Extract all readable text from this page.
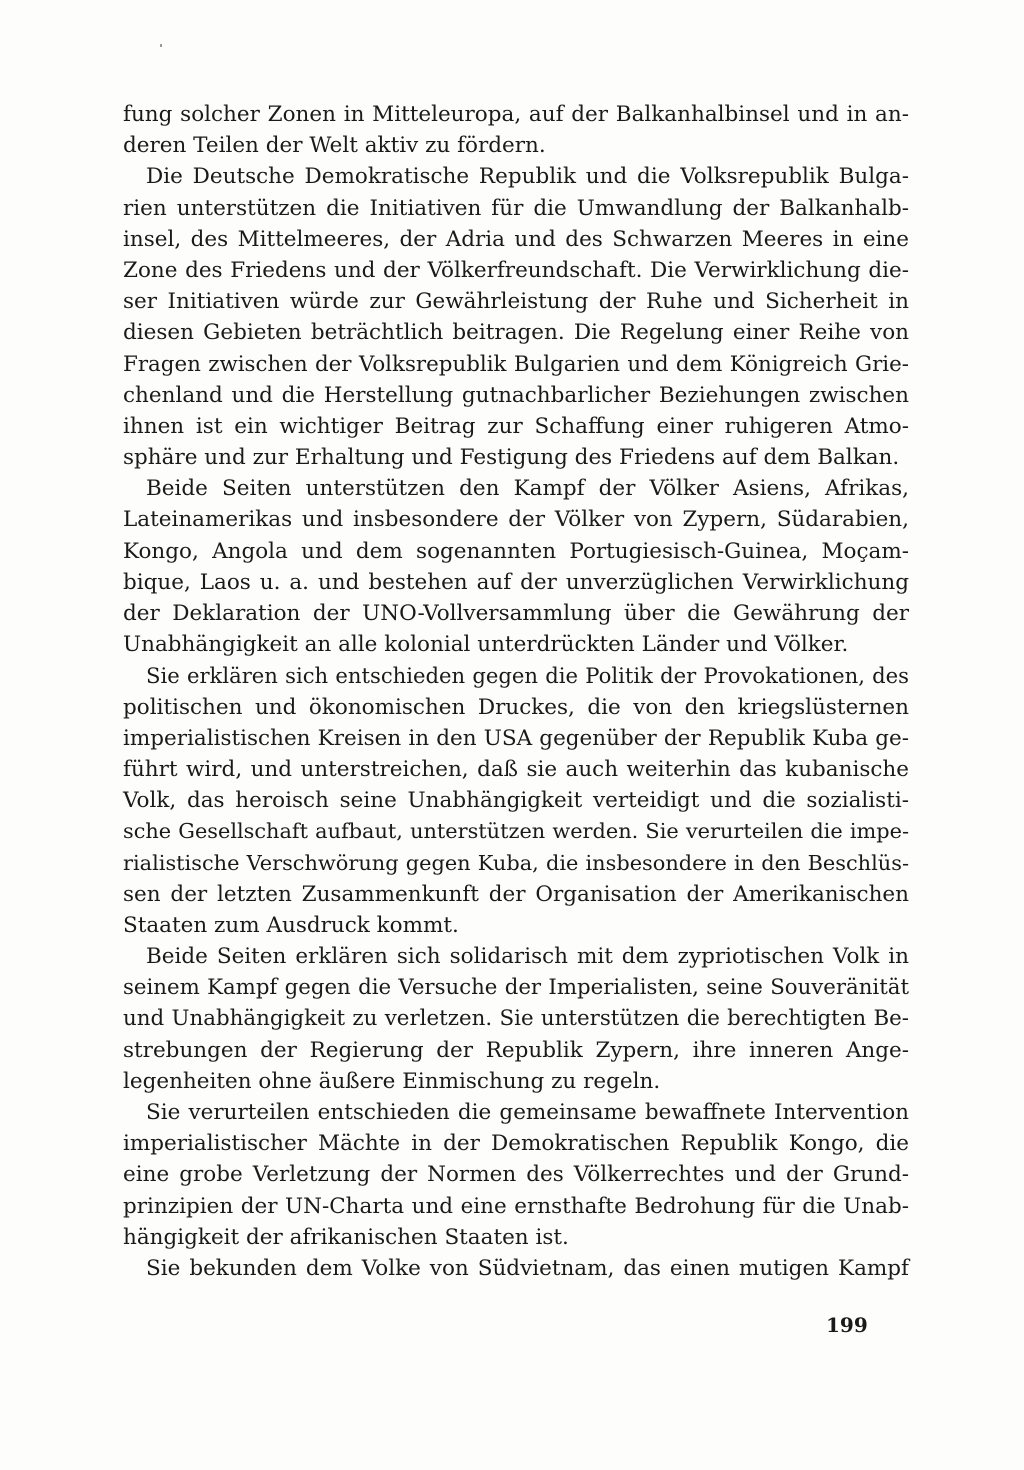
fung solcher Zonen in Mitteleuropa, auf der Balkanhalbinsel und in an-
deren Teilen der Welt aktiv zu fördern.
Die Deutsche Demokratische Republik und die Volksrepublik Bulga-
rien unterstützen die Initiativen für die Umwandlung der Balkanhalb-
insel, des Mittelmeeres, der Adria und des Schwarzen Meeres in eine
Zone des Friedens und der Völkerfreundschaft. Die Verwirklichung die-
ser Initiativen würde zur Gewährleistung der Ruhe und Sicherheit in
diesen Gebieten beträchtlich beitragen. Die Regelung einer Reihe von
Fragen zwischen der Volksrepublik Bulgarien und dem Königreich Grie-
chenland und die Herstellung gutnachbarlicher Beziehungen zwischen
ihnen ist ein wichtiger Beitrag zur Schaffung einer ruhigeren Atmo-
sphäre und zur Erhaltung und Festigung des Friedens auf dem Balkan.
Beide Seiten unterstützen den Kampf der Völker Asiens, Afrikas,
Lateinamerikas und insbesondere der Völker von Zypern, Südarabien,
Kongo, Angola und dem sogenannten Portugiesisch-Guinea, Moçam-
bique, Laos u. a. und bestehen auf der unverzüglichen Verwirklichung
der Deklaration der UNO-Vollversammlung über die Gewährung der
Unabhängigkeit an alle kolonial unterdrückten Länder und Völker.
Sie erklären sich entschieden gegen die Politik der Provokationen, des
politischen und ökonomischen Druckes, die von den kriegslüsternen
imperialistischen Kreisen in den USA gegenüber der Republik Kuba ge-
führt wird, und unterstreichen, daß sie auch weiterhin das kubanische
Volk, das heroisch seine Unabhängigkeit verteidigt und die sozialisti-
sche Gesellschaft aufbaut, unterstützen werden. Sie verurteilen die impe-
rialistische Verschwörung gegen Kuba, die insbesondere in den Beschlüs-
sen der letzten Zusammenkunft der Organisation der Amerikanischen
Staaten zum Ausdruck kommt.
Beide Seiten erklären sich solidarisch mit dem zypriotischen Volk in
seinem Kampf gegen die Versuche der Imperialisten, seine Souveränität
und Unabhängigkeit zu verletzen. Sie unterstützen die berechtigten Be-
strebungen der Regierung der Republik Zypern, ihre inneren Ange-
legenheiten ohne äußere Einmischung zu regeln.
Sie verurteilen entschieden die gemeinsame bewaffnete Intervention
imperialistischer Mächte in der Demokratischen Republik Kongo, die
eine grobe Verletzung der Normen des Völkerrechtes und der Grund-
prinzipien der UN-Charta und eine ernsthafte Bedrohung für die Unab-
hängigkeit der afrikanischen Staaten ist.
Sie bekunden dem Volke von Südvietnam, das einen mutigen Kampf
199
